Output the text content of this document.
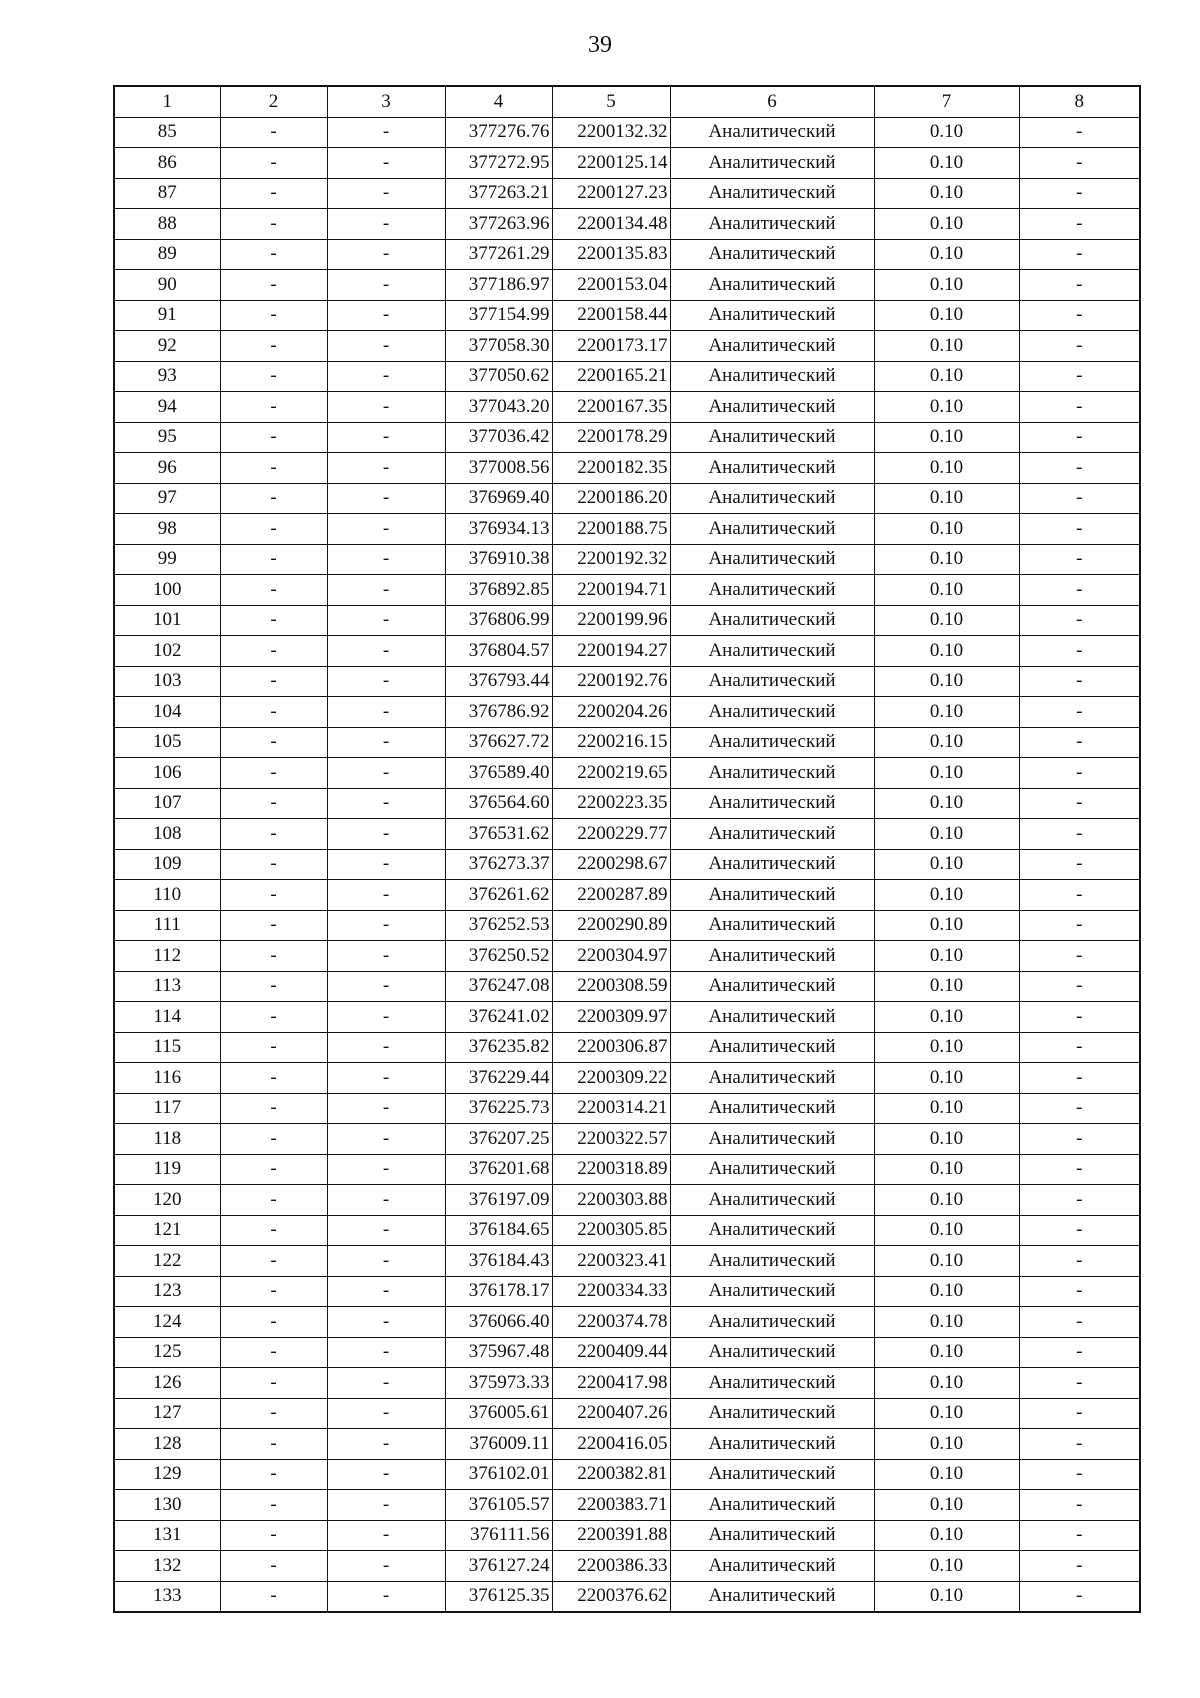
39
1	2	3	4	5	6	7	8
85	-	-	377276.76	2200132.32	Аналитический	0.10	-
86	-	-	377272.95	2200125.14	Аналитический	0.10	-
87	-	-	377263.21	2200127.23	Аналитический	0.10	-
88	-	-	377263.96	2200134.48	Аналитический	0.10	-
89	-	-	377261.29	2200135.83	Аналитический	0.10	-
90	-	-	377186.97	2200153.04	Аналитический	0.10	-
91	-	-	377154.99	2200158.44	Аналитический	0.10	-
92	-	-	377058.30	2200173.17	Аналитический	0.10	-
93	-	-	377050.62	2200165.21	Аналитический	0.10	-
94	-	-	377043.20	2200167.35	Аналитический	0.10	-
95	-	-	377036.42	2200178.29	Аналитический	0.10	-
96	-	-	377008.56	2200182.35	Аналитический	0.10	-
97	-	-	376969.40	2200186.20	Аналитический	0.10	-
98	-	-	376934.13	2200188.75	Аналитический	0.10	-
99	-	-	376910.38	2200192.32	Аналитический	0.10	-
100	-	-	376892.85	2200194.71	Аналитический	0.10	-
101	-	-	376806.99	2200199.96	Аналитический	0.10	-
102	-	-	376804.57	2200194.27	Аналитический	0.10	-
103	-	-	376793.44	2200192.76	Аналитический	0.10	-
104	-	-	376786.92	2200204.26	Аналитический	0.10	-
105	-	-	376627.72	2200216.15	Аналитический	0.10	-
106	-	-	376589.40	2200219.65	Аналитический	0.10	-
107	-	-	376564.60	2200223.35	Аналитический	0.10	-
108	-	-	376531.62	2200229.77	Аналитический	0.10	-
109	-	-	376273.37	2200298.67	Аналитический	0.10	-
110	-	-	376261.62	2200287.89	Аналитический	0.10	-
111	-	-	376252.53	2200290.89	Аналитический	0.10	-
112	-	-	376250.52	2200304.97	Аналитический	0.10	-
113	-	-	376247.08	2200308.59	Аналитический	0.10	-
114	-	-	376241.02	2200309.97	Аналитический	0.10	-
115	-	-	376235.82	2200306.87	Аналитический	0.10	-
116	-	-	376229.44	2200309.22	Аналитический	0.10	-
117	-	-	376225.73	2200314.21	Аналитический	0.10	-
118	-	-	376207.25	2200322.57	Аналитический	0.10	-
119	-	-	376201.68	2200318.89	Аналитический	0.10	-
120	-	-	376197.09	2200303.88	Аналитический	0.10	-
121	-	-	376184.65	2200305.85	Аналитический	0.10	-
122	-	-	376184.43	2200323.41	Аналитический	0.10	-
123	-	-	376178.17	2200334.33	Аналитический	0.10	-
124	-	-	376066.40	2200374.78	Аналитический	0.10	-
125	-	-	375967.48	2200409.44	Аналитический	0.10	-
126	-	-	375973.33	2200417.98	Аналитический	0.10	-
127	-	-	376005.61	2200407.26	Аналитический	0.10	-
128	-	-	376009.11	2200416.05	Аналитический	0.10	-
129	-	-	376102.01	2200382.81	Аналитический	0.10	-
130	-	-	376105.57	2200383.71	Аналитический	0.10	-
131	-	-	376111.56	2200391.88	Аналитический	0.10	-
132	-	-	376127.24	2200386.33	Аналитический	0.10	-
133	-	-	376125.35	2200376.62	Аналитический	0.10	-
